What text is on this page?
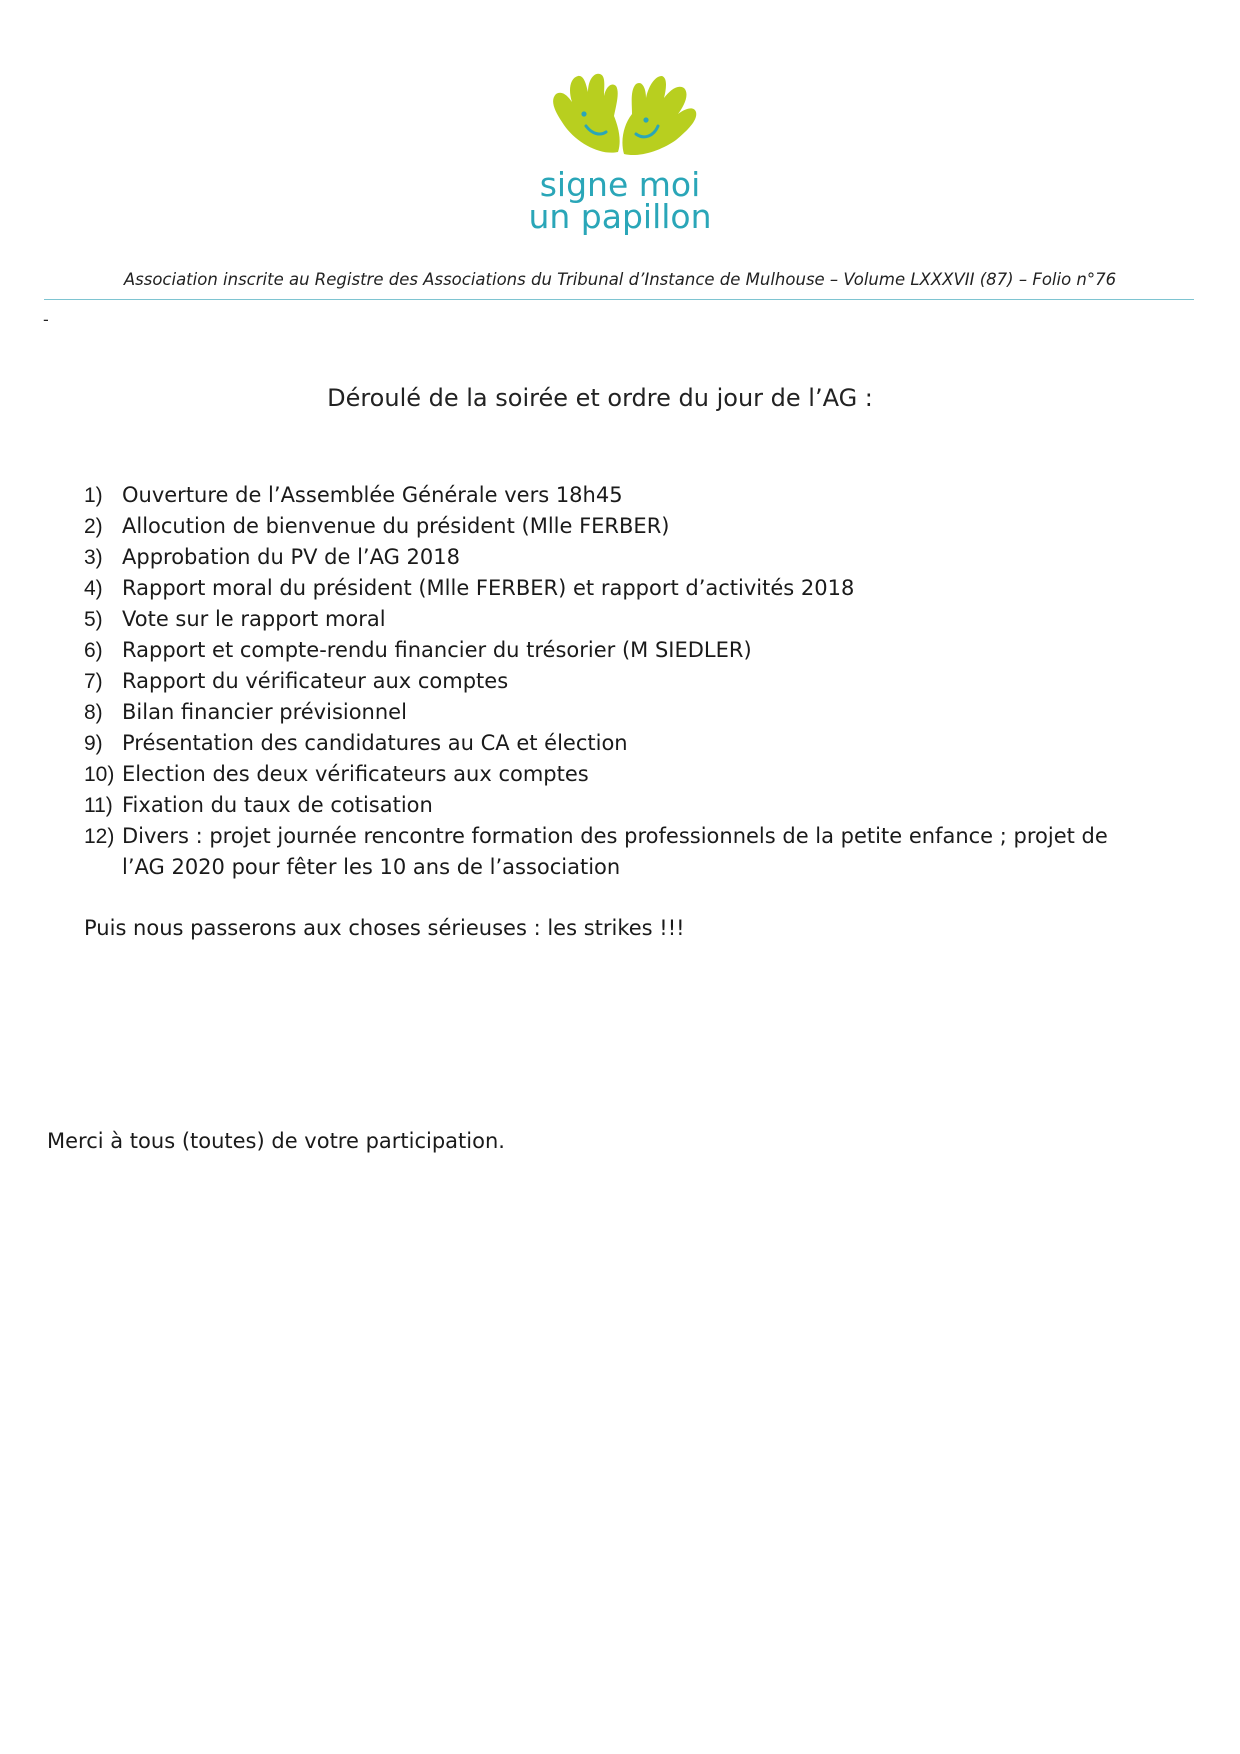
signe moi
un papillon
Association inscrite au Registre des Associations du Tribunal d’Instance de Mulhouse – Volume LXXXVII (87) – Folio n°76
-
Déroulé de la soirée et ordre du jour de l’AG :
1) Ouverture de l’Assemblée Générale vers 18h45
2) Allocution de bienvenue du président (Mlle FERBER)
3) Approbation du PV de l’AG 2018
4) Rapport moral du président (Mlle FERBER) et rapport d’activités 2018
5) Vote sur le rapport moral
6) Rapport et compte-rendu financier du trésorier (M SIEDLER)
7) Rapport du vérificateur aux comptes
8) Bilan financier prévisionnel
9) Présentation des candidatures au CA et élection
10) Election des deux vérificateurs aux comptes
11) Fixation du taux de cotisation
12) Divers : projet journée rencontre formation des professionnels de la petite enfance ; projet de l’AG 2020 pour fêter les 10 ans de l’association
Puis nous passerons aux choses sérieuses : les strikes !!!
Merci à tous (toutes) de votre participation.
